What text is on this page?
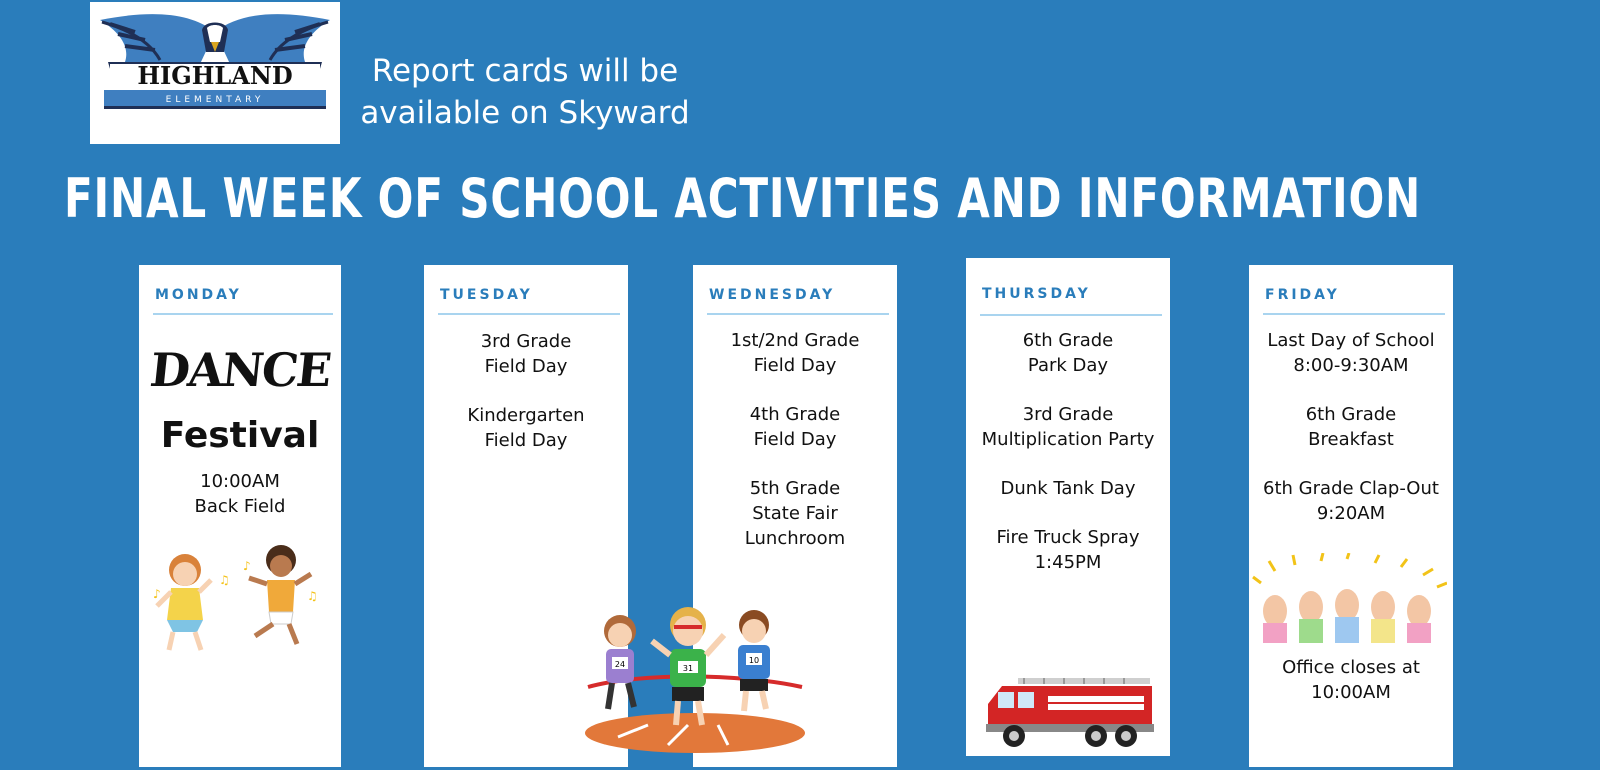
HIGHLAND
ELEMENTARY
Report cards will be
available on Skyward
FINAL WEEK OF SCHOOL ACTIVITIES AND INFORMATION
MONDAY
DANCE
Festival
10:00AM
Back Field
♪
♫
♪
♫
TUESDAY
3rd Grade
Field Day
Kindergarten
Field Day
WEDNESDAY
1st/2nd Grade
Field Day
4th Grade
Field Day
5th Grade
State Fair
Lunchroom
24	31
10
THURSDAY
6th Grade
Park Day
3rd Grade
Multiplication Party
Dunk Tank Day
Fire Truck Spray
1:45PM
FRIDAY
Last Day of School
8:00-9:30AM
6th Grade
Breakfast
6th Grade Clap-Out
9:20AM
Office closes at
10:00AM
